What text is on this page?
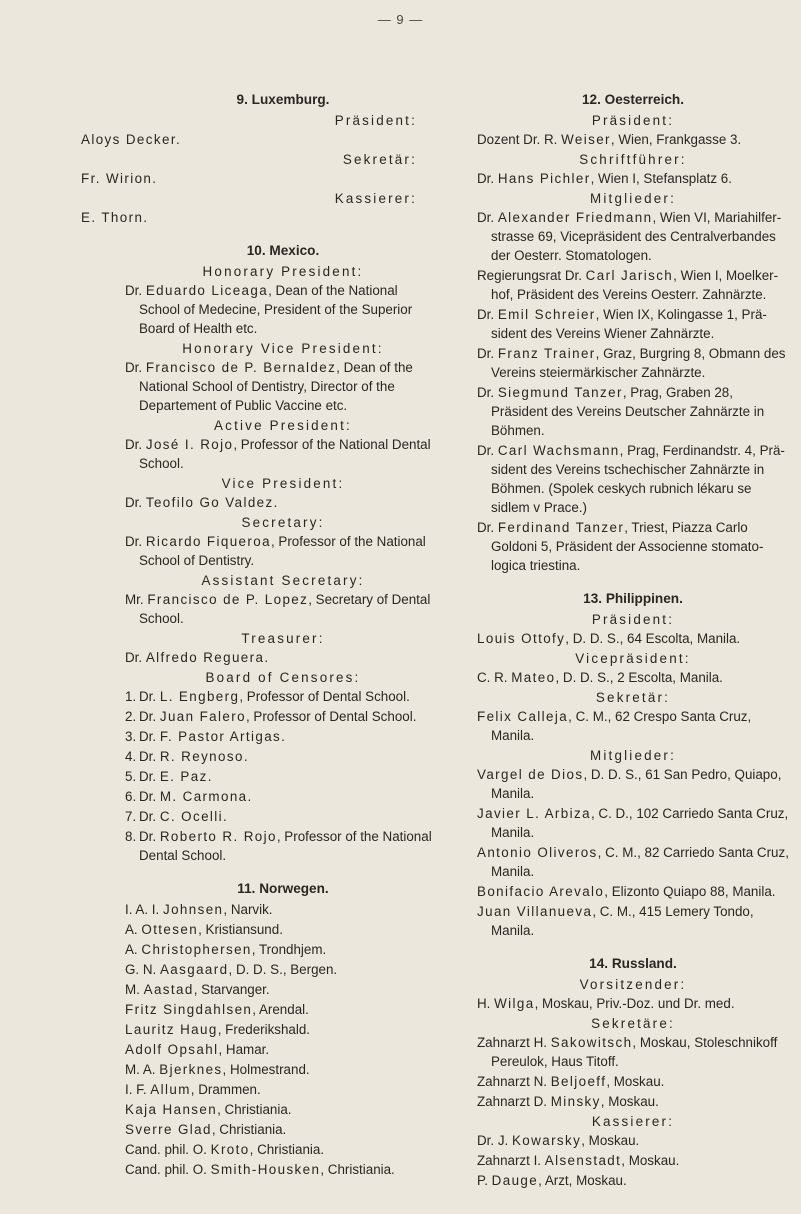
— 9 —
9. Luxemburg.
Präsident:
Aloys Decker.
Sekretär:
Fr. Wirion.
Kassierer:
E. Thorn.
10. Mexico.
Honorary President:
Dr. Eduardo Liceaga, Dean of the National School of Medecine, President of the Superior Board of Health etc.
Honorary Vice President:
Dr. Francisco de P. Bernaldez, Dean of the National School of Dentistry, Director of the Departement of Public Vaccine etc.
Active President:
Dr. José I. Rojo, Professor of the National Dental School.
Vice President:
Dr. Teofilo Go Valdez.
Secretary:
Dr. Ricardo Fiqueroa, Professor of the National School of Dentistry.
Assistant Secretary:
Mr. Francisco de P. Lopez, Secretary of Dental School.
Treasurer:
Dr. Alfredo Reguera.
Board of Censores:
1. Dr. L. Engberg, Professor of Dental School.
2. Dr. Juan Falero, Professor of Dental School.
3. Dr. F. Pastor Artigas.
4. Dr. R. Reynoso.
5. Dr. E. Paz.
6. Dr. M. Carmona.
7. Dr. C. Ocelli.
8. Dr. Roberto R. Rojo, Professor of the National Dental School.
11. Norwegen.
I. A. I. Johnsen, Narvik.
A. Ottesen, Kristiansund.
A. Christophersen, Trondhjem.
G. N. Aasgaard, D. D. S., Bergen.
M. Aastad, Starvanger.
Fritz Singdahlsen, Arendal.
Lauritz Haug, Frederikshald.
Adolf Opsahl, Hamar.
M. A. Bjerknes, Holmestrand.
I. F. Allum, Drammen.
Kaja Hansen, Christiania.
Sverre Glad, Christiania.
Cand. phil. O. Kroto, Christiania.
Cand. phil. O. Smith-Housken, Christiania.
12. Oesterreich.
Präsident:
Dozent Dr. R. Weiser, Wien, Frankgasse 3.
Schriftführer:
Dr. Hans Pichler, Wien I, Stefansplatz 6.
Mitglieder:
Dr. Alexander Friedmann, Wien VI, Mariahilfer-strasse 69, Vicepräsident des Centralverbandes der Oesterr. Stomatologen.
Regierungsrat Dr. Carl Jarisch, Wien I, Moelker-hof, Präsident des Vereins Oesterr. Zahnärzte.
Dr. Emil Schreier, Wien IX, Kolingasse 1, Prä-sident des Vereins Wiener Zahnärzte.
Dr. Franz Trainer, Graz, Burgring 8, Obmann des Vereins steiermärkischer Zahnärzte.
Dr. Siegmund Tanzer, Prag, Graben 28, Präsident des Vereins Deutscher Zahnärzte in Böhmen.
Dr. Carl Wachsmann, Prag, Ferdinandstr. 4, Prä-sident des Vereins tschechischer Zahnärzte in Böhmen. (Spolek ceskych rubnich lékaru se sidlem v Prace.)
Dr. Ferdinand Tanzer, Triest, Piazza Carlo Goldoni 5, Präsident der Associenne stomato-logica triestina.
13. Philippinen.
Präsident:
Louis Ottofy, D. D. S., 64 Escolta, Manila.
Vicepräsident:
C. R. Mateo, D. D. S., 2 Escolta, Manila.
Sekretär:
Felix Calleja, C. M., 62 Crespo Santa Cruz, Manila.
Mitglieder:
Vargel de Dios, D. D. S., 61 San Pedro, Quiapo, Manila.
Javier L. Arbiza, C. D., 102 Carriedo Santa Cruz, Manila.
Antonio Oliveros, C. M., 82 Carriedo Santa Cruz, Manila.
Bonifacio Arevalo, Elizonto Quiapo 88, Manila.
Juan Villanueva, C. M., 415 Lemery Tondo, Manila.
14. Russland.
Vorsitzender:
H. Wilga, Moskau, Priv.-Doz. und Dr. med.
Sekretäre:
Zahnarzt H. Sakowitsch, Moskau, Stoleschnikoff Pereulok, Haus Titoff.
Zahnarzt N. Beljoeff, Moskau.
Zahnarzt D. Minsky, Moskau.
Kassierer:
Dr. J. Kowarsky, Moskau.
Zahnarzt I. Alsenstadt, Moskau.
P. Dauge, Arzt, Moskau.
